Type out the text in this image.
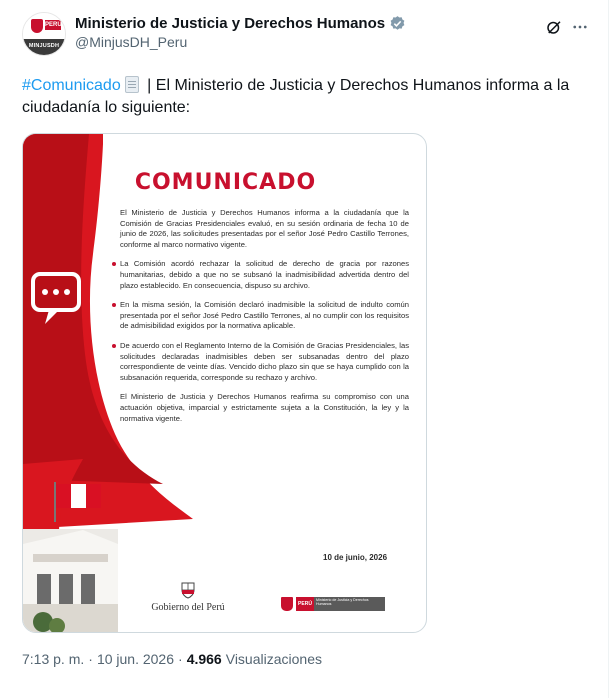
PERÚ
MINJUSDH
Ministerio de Justicia y Derechos Humanos
@MinjusDH_Peru
#Comunicado | El Ministerio de Justicia y Derechos Humanos informa a la ciudadanía lo siguiente:
COMUNICADO

El Ministerio de Justicia y Derechos Humanos informa a la ciudadanía que la Comisión de Gracias Presidenciales evaluó, en su sesión ordinaria de fecha 10 de junio de 2026, las solicitudes presentadas por el señor José Pedro Castillo Terrones, conforme al marco normativo vigente.

La Comisión acordó rechazar la solicitud de derecho de gracia por razones humanitarias, debido a que no se subsanó la inadmisibilidad advertida dentro del plazo establecido. En consecuencia, dispuso su archivo.
En la misma sesión, la Comisión declaró inadmisible la solicitud de indulto común presentada por el señor José Pedro Castillo Terrones, al no cumplir con los requisitos de admisibilidad exigidos por la normativa aplicable.
De acuerdo con el Reglamento Interno de la Comisión de Gracias Presidenciales, las solicitudes declaradas inadmisibles deben ser subsanadas dentro del plazo correspondiente de veinte días. Vencido dicho plazo sin que se haya cumplido con la subsanación requerida, corresponde su rechazo y archivo.

El Ministerio de Justicia y Derechos Humanos reafirma su compromiso con una actuación objetiva, imparcial y estrictamente sujeta a la Constitución, la ley y la normativa vigente.

10 de junio, 2026
Gobierno del Perú	PERÚ
Ministerio de Justicia y Derechos Humanos
7:13 p. m. · 10 jun. 2026 · 4.966 Visualizaciones
